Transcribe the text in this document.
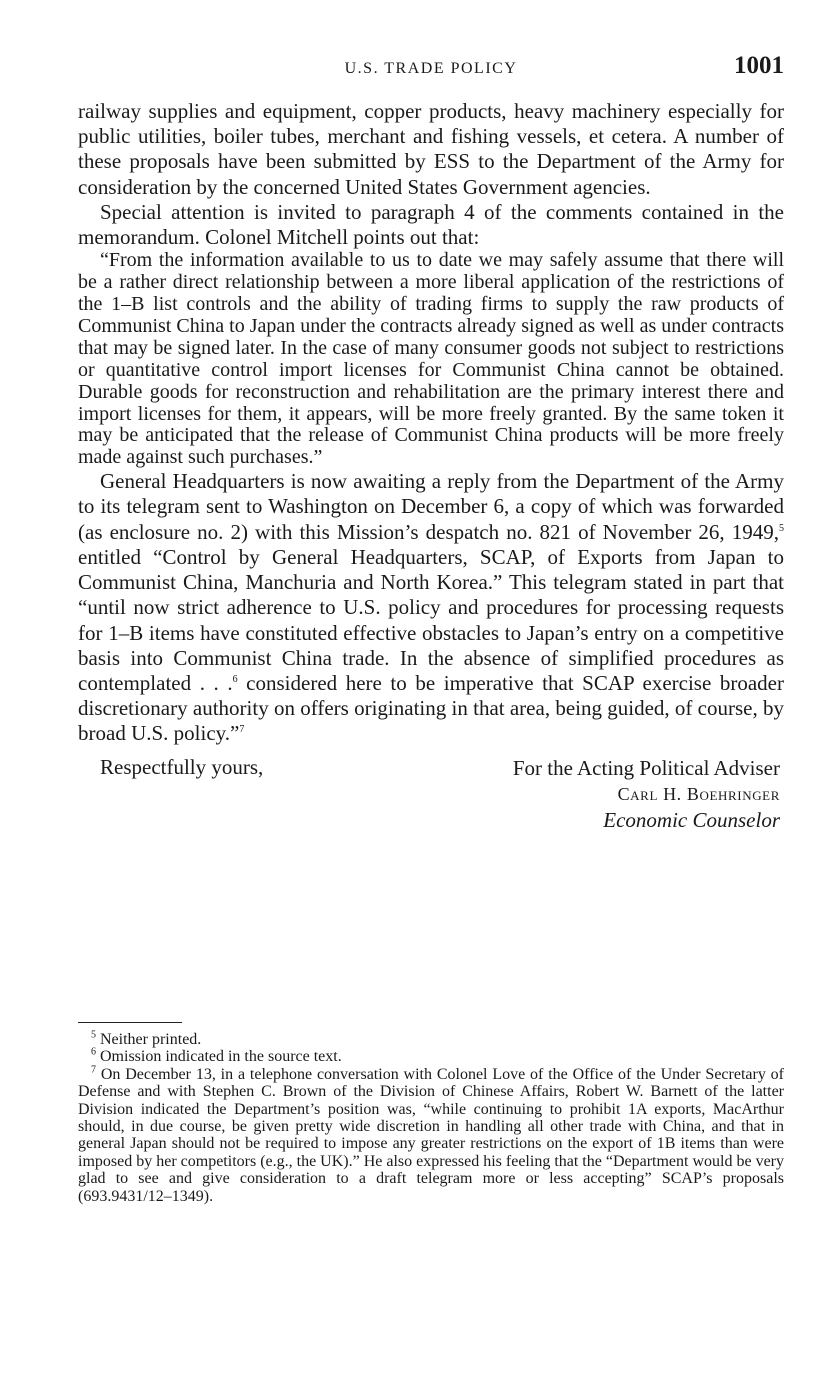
U.S. TRADE POLICY	1001

railway supplies and equipment, copper products, heavy machinery especially for public utilities, boiler tubes, merchant and fishing vessels, et cetera. A number of these proposals have been submitted by ESS to the Department of the Army for consideration by the concerned United States Government agencies.

Special attention is invited to paragraph 4 of the comments contained in the memorandum. Colonel Mitchell points out that:

“From the information available to us to date we may safely assume that there will be a rather direct relationship between a more liberal application of the restrictions of the 1–B list controls and the ability of trading firms to supply the raw products of Communist China to Japan under the contracts already signed as well as under contracts that may be signed later. In the case of many consumer goods not subject to restrictions or quantitative control import licenses for Communist China cannot be obtained. Durable goods for reconstruction and rehabilitation are the primary interest there and import licenses for them, it appears, will be more freely granted. By the same token it may be anticipated that the release of Communist China products will be more freely made against such purchases.”

General Headquarters is now awaiting a reply from the Department of the Army to its telegram sent to Washington on December 6, a copy of which was forwarded (as enclosure no. 2) with this Mission’s despatch no. 821 of November 26, 1949,$^5$ entitled “Control by General Headquarters, SCAP, of Exports from Japan to Communist China, Manchuria and North Korea.” This telegram stated in part that “until now strict adherence to U.S. policy and procedures for processing requests for 1–B items have constituted effective obstacles to Japan’s entry on a competitive basis into Communist China trade. In the absence of simplified procedures as contemplated . . .$^6$ considered here to be imperative that SCAP exercise broader discretionary authority on offers originating in that area, being guided, of course, by broad U.S. policy.”$^7$

Respectfully yours,	For the Acting Political Adviser
Carl H. Boehringer
Economic Counselor

$^5$ Neither printed.

$^6$ Omission indicated in the source text.

$^7$ On December 13, in a telephone conversation with Colonel Love of the Office of the Under Secretary of Defense and with Stephen C. Brown of the Division of Chinese Affairs, Robert W. Barnett of the latter Division indicated the Department’s position was, “while continuing to prohibit 1A exports, MacArthur should, in due course, be given pretty wide discretion in handling all other trade with China, and that in general Japan should not be required to impose any greater restrictions on the export of 1B items than were imposed by her competitors (e.g., the UK).” He also expressed his feeling that the “Department would be very glad to see and give consideration to a draft telegram more or less accepting” SCAP’s proposals (693.9431/12–1349).
